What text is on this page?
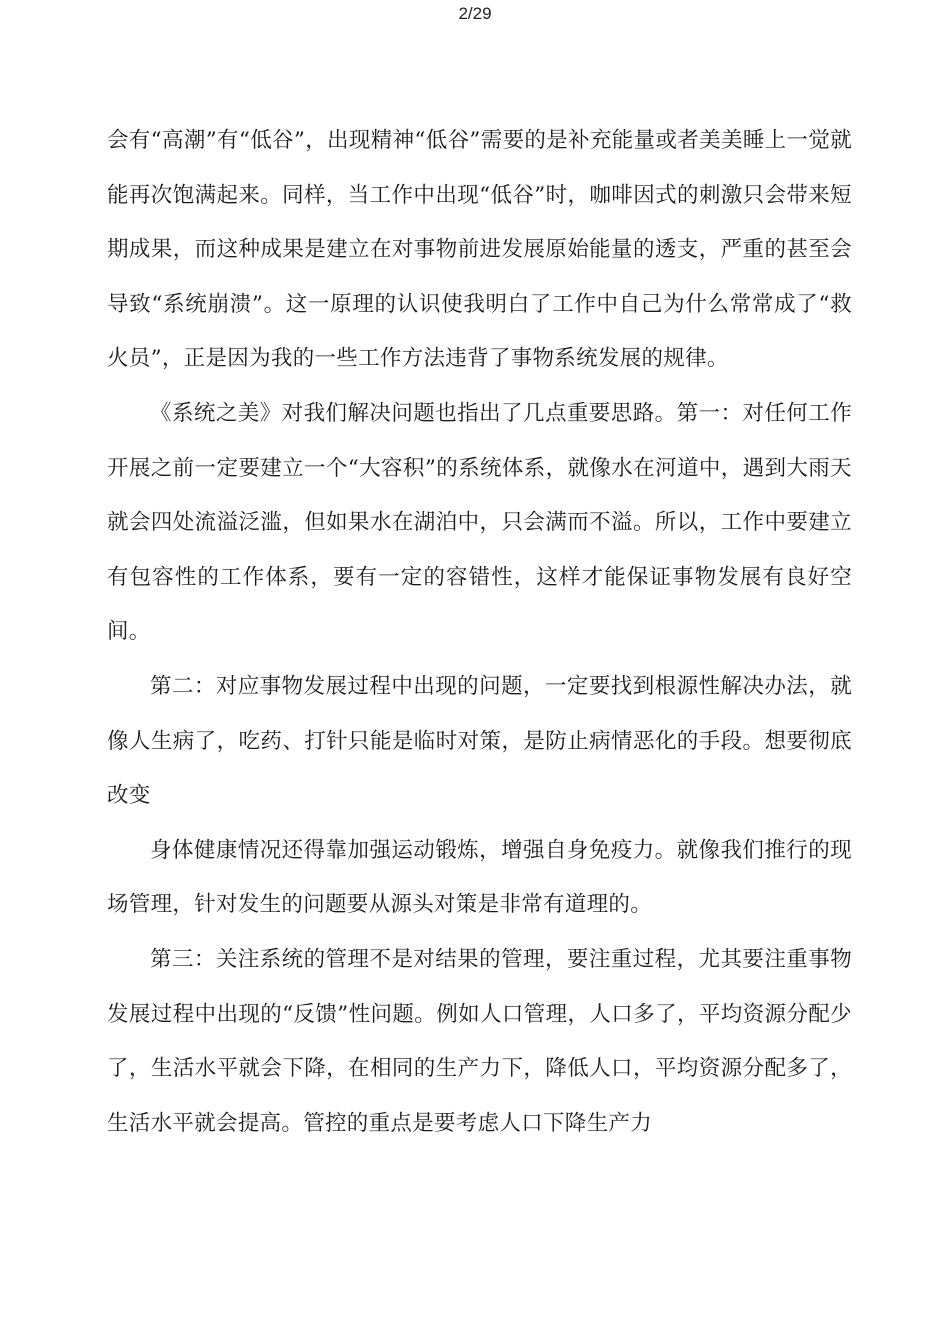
2/29

会有“高潮”有“低谷”，出现精神“低谷”需要的是补充能量或者美美睡上一觉就能再次饱满起来。同样，当工作中出现“低谷”时，咖啡因式的刺激只会带来短期成果，而这种成果是建立在对事物前进发展原始能量的透支，严重的甚至会导致“系统崩溃”。这一原理的认识使我明白了工作中自己为什么常常成了“救火员”，正是因为我的一些工作方法违背了事物系统发展的规律。

《系统之美》对我们解决问题也指出了几点重要思路。第一：对任何工作开展之前一定要建立一个“大容积”的系统体系，就像水在河道中，遇到大雨天就会四处流溢泛滥，但如果水在湖泊中，只会满而不溢。所以，工作中要建立有包容性的工作体系，要有一定的容错性，这样才能保证事物发展有良好空间。

第二：对应事物发展过程中出现的问题，一定要找到根源性解决办法，就像人生病了，吃药、打针只能是临时对策，是防止病情恶化的手段。想要彻底改变

身体健康情况还得靠加强运动锻炼，增强自身免疫力。就像我们推行的现场管理，针对发生的问题要从源头对策是非常有道理的。

第三：关注系统的管理不是对结果的管理，要注重过程，尤其要注重事物发展过程中出现的“反馈”性问题。例如人口管理，人口多了，平均资源分配少了，生活水平就会下降，在相同的生产力下，降低人口，平均资源分配多了，生活水平就会提高。管控的重点是要考虑人口下降生产力
